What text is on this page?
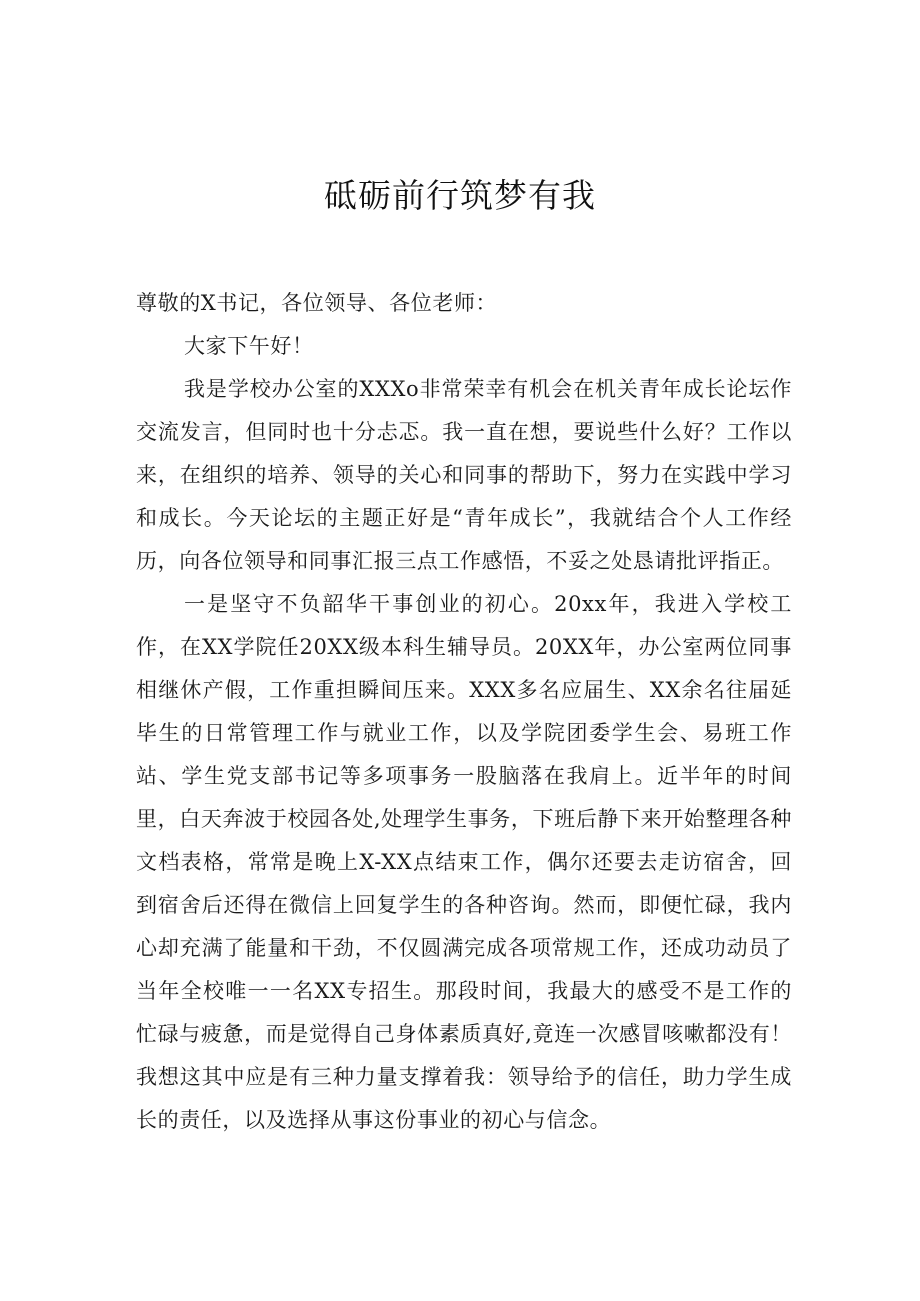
砥砺前行筑梦有我

尊敬的X书记，各位领导、各位老师：

大家下午好！

我是学校办公室的XXXo非常荣幸有机会在机关青年成长论坛作交流发言，但同时也十分忐忑。我一直在想，要说些什么好？工作以来，在组织的培养、领导的关心和同事的帮助下，努力在实践中学习和成长。今天论坛的主题正好是“青年成长”，我就结合个人工作经历，向各位领导和同事汇报三点工作感悟，不妥之处恳请批评指正。

一是坚守不负韶华干事创业的初心。20xx年，我进入学校工作，在XX学院任20XX级本科生辅导员。20XX年，办公室两位同事相继休产假，工作重担瞬间压来。XXX多名应届生、XX余名往届延毕生的日常管理工作与就业工作，以及学院团委学生会、易班工作站、学生党支部书记等多项事务一股脑落在我肩上。近半年的时间里，白天奔波于校园各处,处理学生事务，下班后静下来开始整理各种文档表格，常常是晚上X-XX点结束工作，偶尔还要去走访宿舍，回到宿舍后还得在微信上回复学生的各种咨询。然而，即便忙碌，我内心却充满了能量和干劲，不仅圆满完成各项常规工作，还成功动员了当年全校唯一一名XX专招生。那段时间，我最大的感受不是工作的忙碌与疲惫，而是觉得自己身体素质真好,竟连一次感冒咳嗽都没有！我想这其中应是有三种力量支撑着我：领导给予的信任，助力学生成长的责任，以及选择从事这份事业的初心与信念。
